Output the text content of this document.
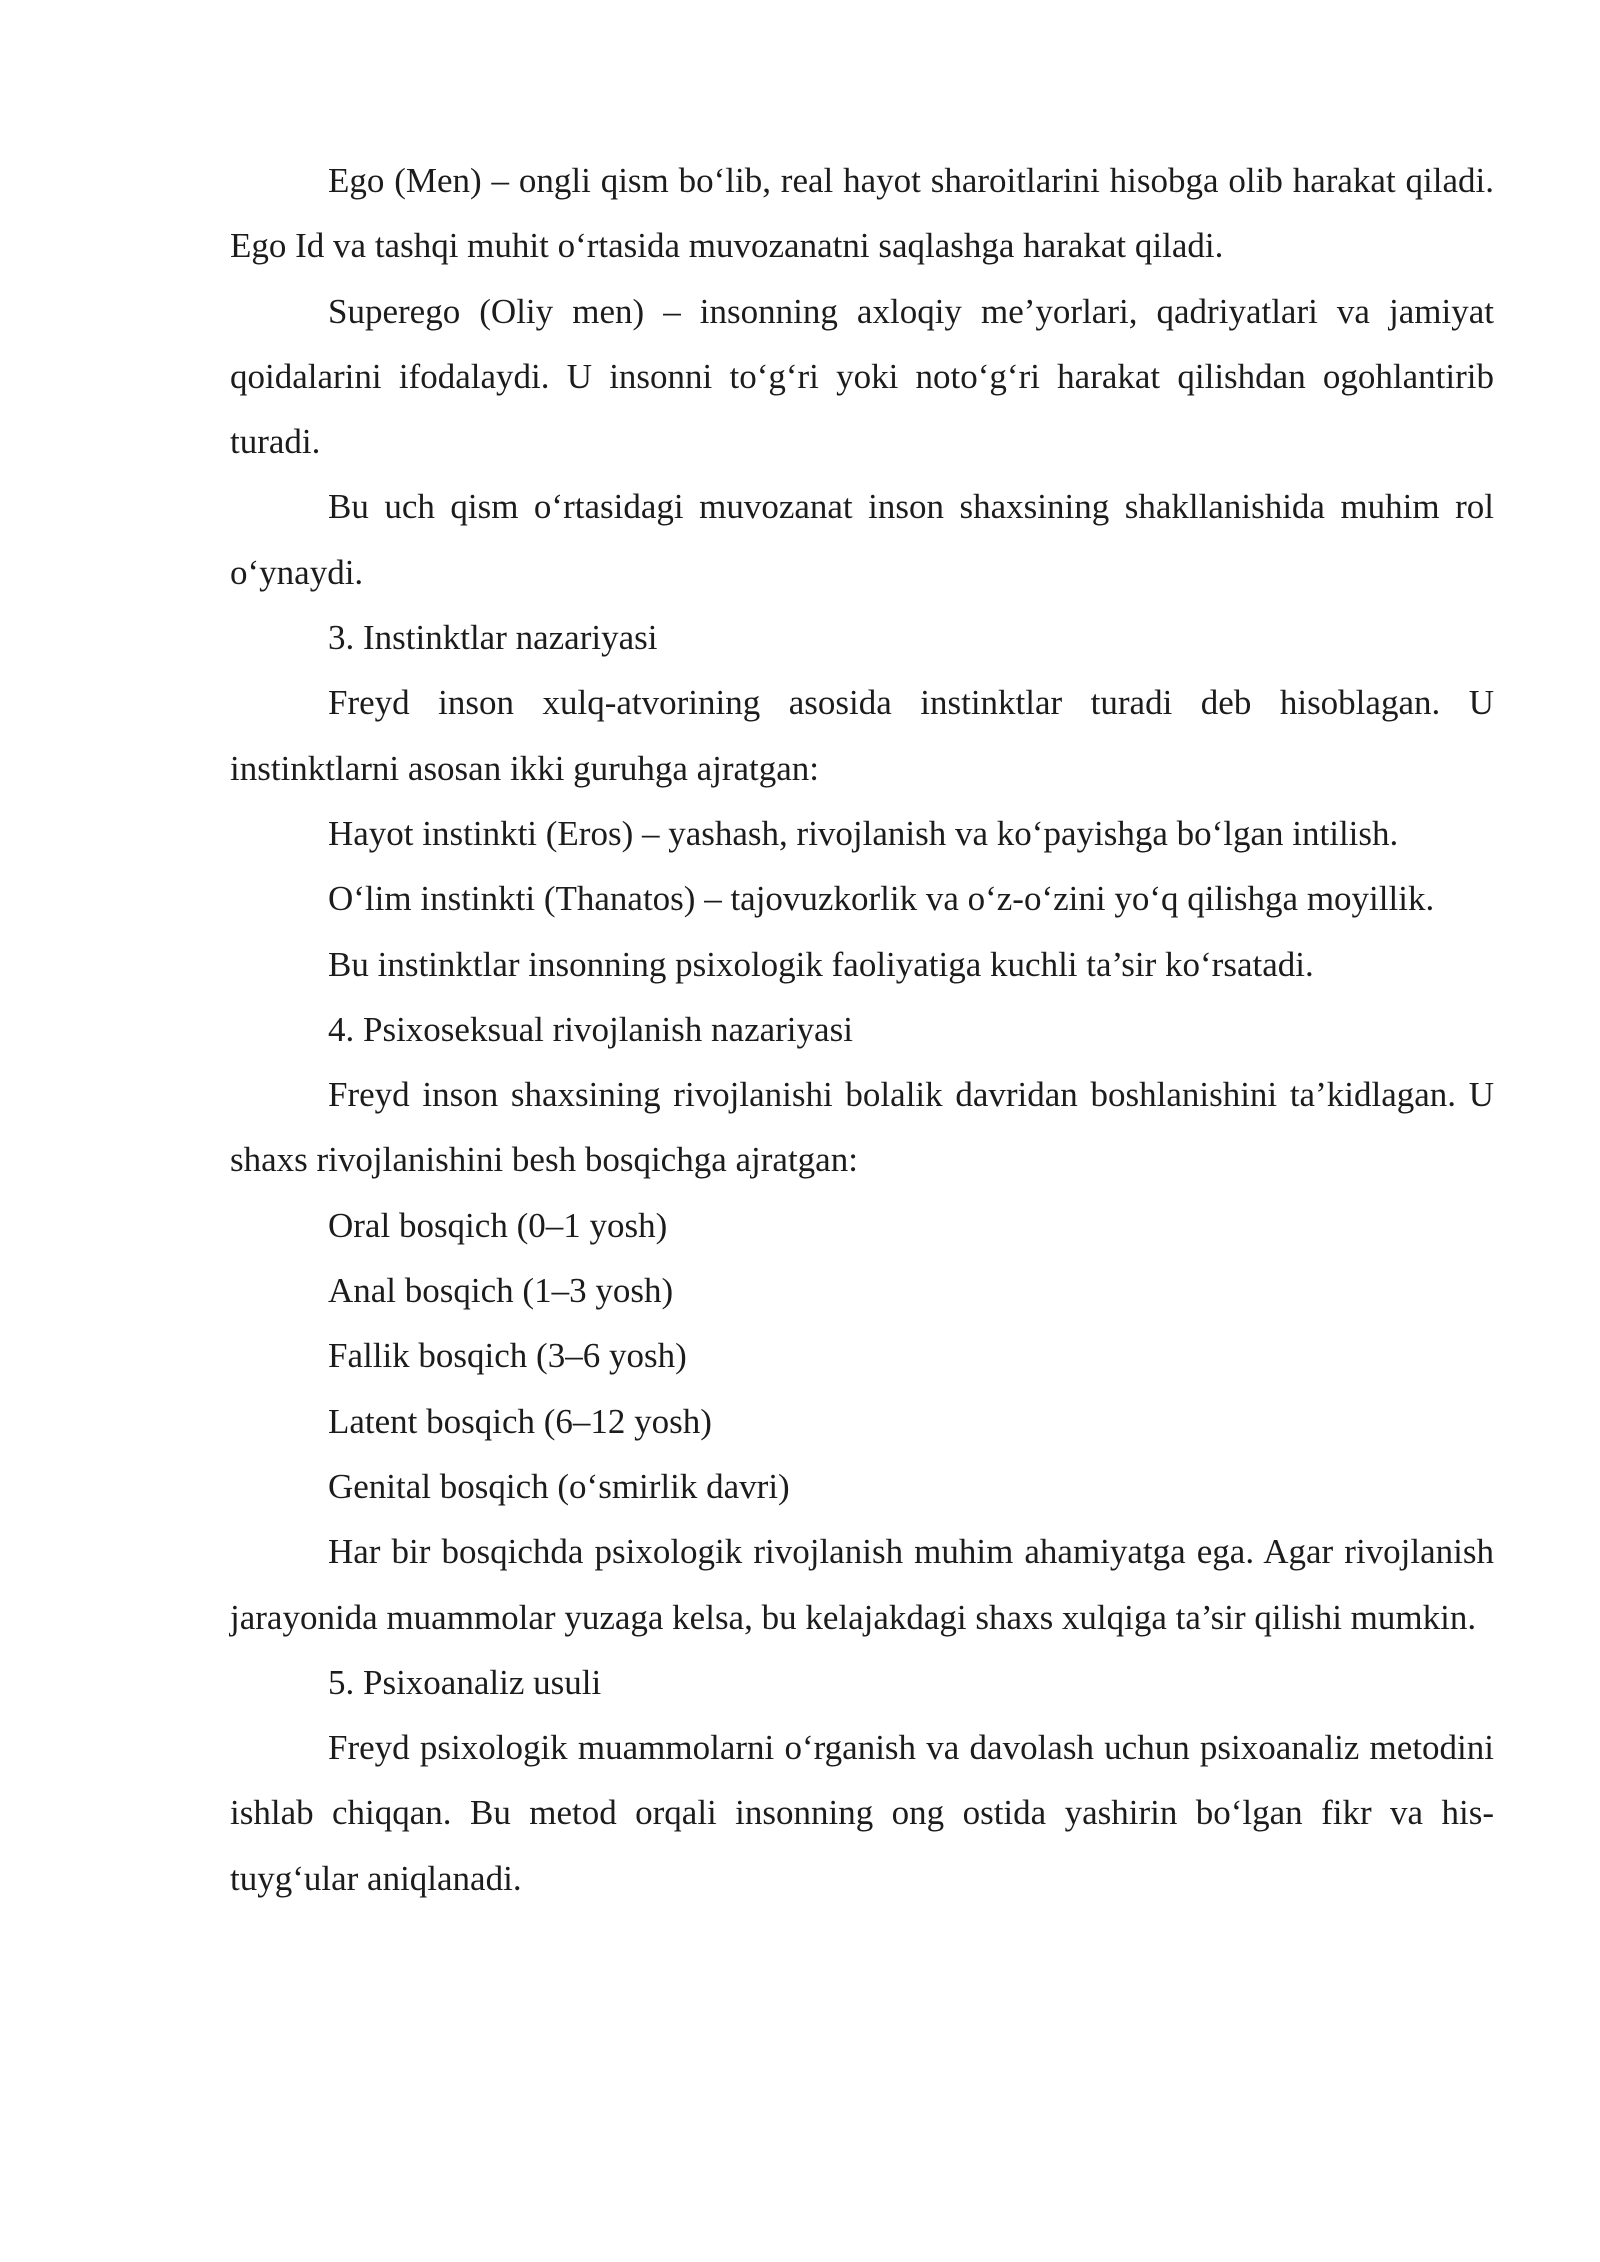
Ego (Men) – ongli qism bo‘lib, real hayot sharoitlarini hisobga olib harakat qiladi. Ego Id va tashqi muhit o‘rtasida muvozanatni saqlashga harakat qiladi.

Superego (Oliy men) – insonning axloqiy me’yorlari, qadriyatlari va jamiyat qoidalarini ifodalaydi. U insonni to‘g‘ri yoki noto‘g‘ri harakat qilishdan ogohlantirib turadi.

Bu uch qism o‘rtasidagi muvozanat inson shaxsining shakllanishida muhim rol o‘ynaydi.

3. Instinktlar nazariyasi

Freyd inson xulq-atvorining asosida instinktlar turadi deb hisoblagan. U instinktlarni asosan ikki guruhga ajratgan:

Hayot instinkti (Eros) – yashash, rivojlanish va ko‘payishga bo‘lgan intilish.

O‘lim instinkti (Thanatos) – tajovuzkorlik va o‘z-o‘zini yo‘q qilishga moyillik.

Bu instinktlar insonning psixologik faoliyatiga kuchli ta’sir ko‘rsatadi.

4. Psixoseksual rivojlanish nazariyasi

Freyd inson shaxsining rivojlanishi bolalik davridan boshlanishini ta’kidlagan. U shaxs rivojlanishini besh bosqichga ajratgan:

Oral bosqich (0–1 yosh)

Anal bosqich (1–3 yosh)

Fallik bosqich (3–6 yosh)

Latent bosqich (6–12 yosh)

Genital bosqich (o‘smirlik davri)

Har bir bosqichda psixologik rivojlanish muhim ahamiyatga ega. Agar rivojlanish jarayonida muammolar yuzaga kelsa, bu kelajakdagi shaxs xulqiga ta’sir qilishi mumkin.

5. Psixoanaliz usuli

Freyd psixologik muammolarni o‘rganish va davolash uchun psixoanaliz metodini ishlab chiqqan. Bu metod orqali insonning ong ostida yashirin bo‘lgan fikr va his-tuyg‘ular aniqlanadi.
